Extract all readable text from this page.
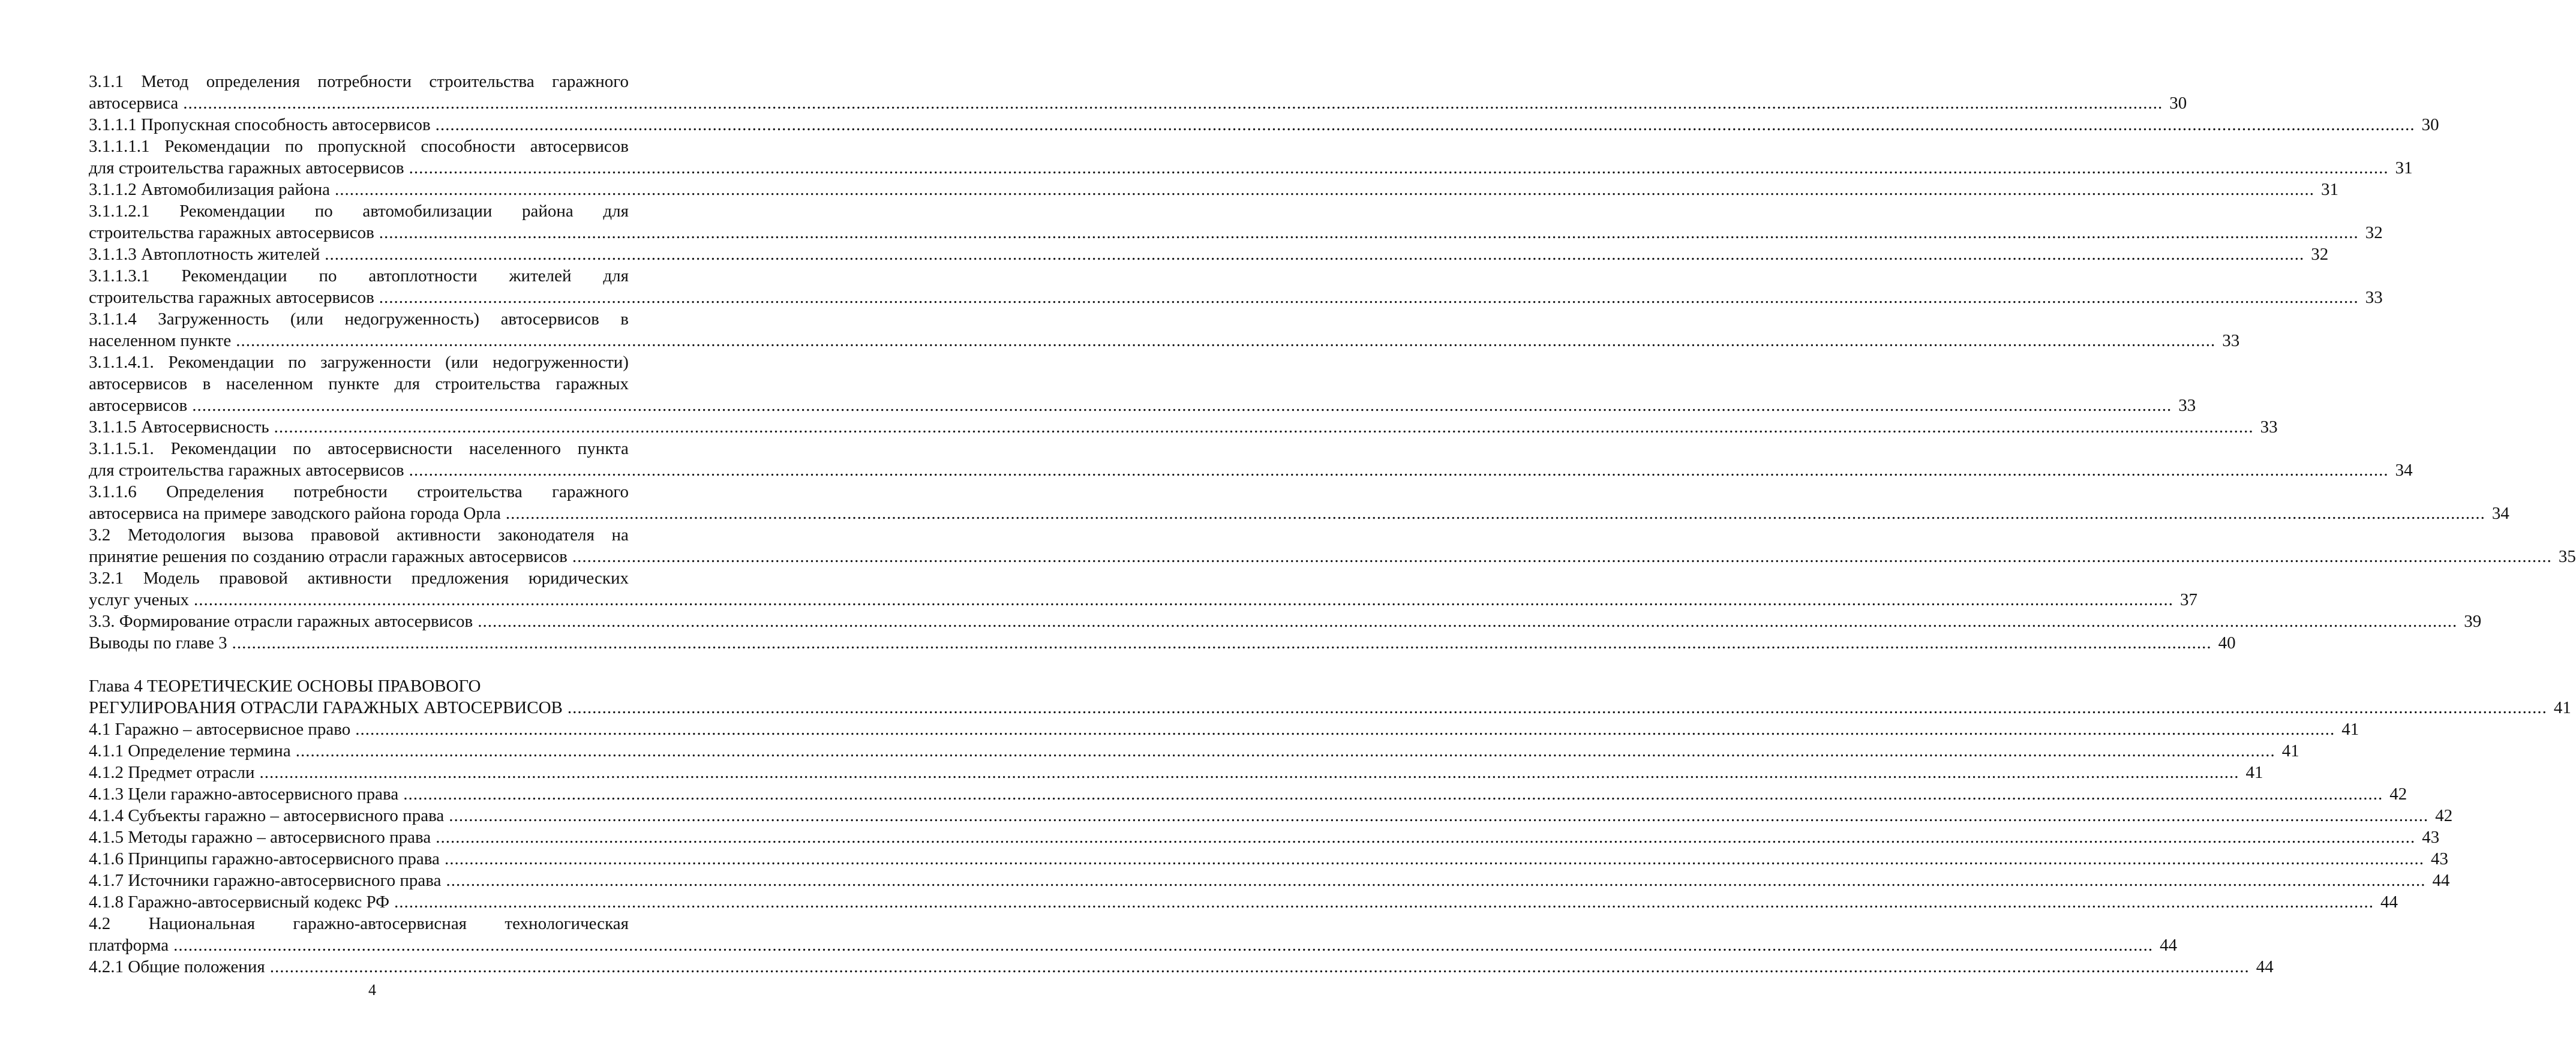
3.1.1 Метод определения потребности строительства гаражного
автосервиса ................................................................................................................................................................................................................................................................................................................................................................................................................ 30
3.1.1.1 Пропускная способность автосервисов ................................................................................................................................................................................................................................................................................................................................................................................................................ 30
3.1.1.1.1 Рекомендации по пропускной способности автосервисов
для строительства гаражных автосервисов ................................................................................................................................................................................................................................................................................................................................................................................................................ 31
3.1.1.2 Автомобилизация района ................................................................................................................................................................................................................................................................................................................................................................................................................ 31
3.1.1.2.1 Рекомендации по автомобилизации района для
строительства гаражных автосервисов ................................................................................................................................................................................................................................................................................................................................................................................................................ 32
3.1.1.3 Автоплотность жителей ................................................................................................................................................................................................................................................................................................................................................................................................................ 32
3.1.1.3.1 Рекомендации по автоплотности жителей для
строительства гаражных автосервисов ................................................................................................................................................................................................................................................................................................................................................................................................................ 33
3.1.1.4 Загруженность (или недогруженность) автосервисов в
населенном пункте ................................................................................................................................................................................................................................................................................................................................................................................................................ 33
3.1.1.4.1. Рекомендации по загруженности (или недогруженности)
автосервисов в населенном пункте для строительства гаражных
автосервисов ................................................................................................................................................................................................................................................................................................................................................................................................................ 33
3.1.1.5 Автосервисность ................................................................................................................................................................................................................................................................................................................................................................................................................ 33
3.1.1.5.1. Рекомендации по автосервисности населенного пункта
для строительства гаражных автосервисов ................................................................................................................................................................................................................................................................................................................................................................................................................ 34
3.1.1.6 Определения потребности строительства гаражного
автосервиса на примере заводского района города Орла ................................................................................................................................................................................................................................................................................................................................................................................................................ 34
3.2 Методология вызова правовой активности законодателя на
принятие решения по созданию отрасли гаражных автосервисов ................................................................................................................................................................................................................................................................................................................................................................................................................ 35
3.2.1 Модель правовой активности предложения юридических
услуг ученых ................................................................................................................................................................................................................................................................................................................................................................................................................ 37
3.3. Формирование отрасли гаражных автосервисов ................................................................................................................................................................................................................................................................................................................................................................................................................ 39
Выводы по главе 3 ................................................................................................................................................................................................................................................................................................................................................................................................................ 40
Глава 4 ТЕОРЕТИЧЕСКИЕ ОСНОВЫ ПРАВОВОГО
РЕГУЛИРОВАНИЯ ОТРАСЛИ ГАРАЖНЫХ АВТОСЕРВИСОВ ................................................................................................................................................................................................................................................................................................................................................................................................................ 41
4.1 Гаражно – автосервисное право ................................................................................................................................................................................................................................................................................................................................................................................................................ 41
4.1.1 Определение термина ................................................................................................................................................................................................................................................................................................................................................................................................................ 41
4.1.2 Предмет отрасли ................................................................................................................................................................................................................................................................................................................................................................................................................ 41
4.1.3 Цели гаражно-автосервисного права ................................................................................................................................................................................................................................................................................................................................................................................................................ 42
4.1.4 Субъекты гаражно – автосервисного права ................................................................................................................................................................................................................................................................................................................................................................................................................ 42
4.1.5 Методы гаражно – автосервисного права ................................................................................................................................................................................................................................................................................................................................................................................................................ 43
4.1.6 Принципы гаражно-автосервисного права ................................................................................................................................................................................................................................................................................................................................................................................................................ 43
4.1.7 Источники гаражно-автосервисного права ................................................................................................................................................................................................................................................................................................................................................................................................................ 44
4.1.8 Гаражно-автосервисный кодекс РФ ................................................................................................................................................................................................................................................................................................................................................................................................................ 44
4.2 Национальная гаражно-автосервисная технологическая
платформа ................................................................................................................................................................................................................................................................................................................................................................................................................ 44
4.2.1 Общие положения ................................................................................................................................................................................................................................................................................................................................................................................................................ 44
4
